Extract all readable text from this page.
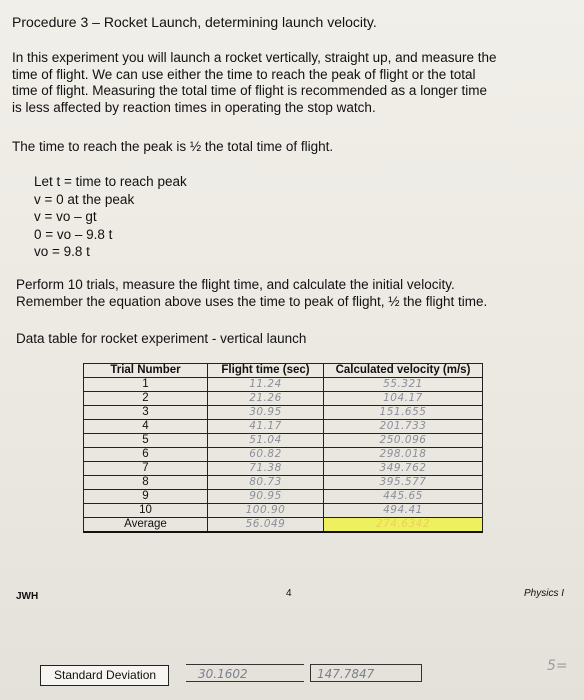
Procedure 3 – Rocket Launch, determining launch velocity.

In this experiment you will launch a rocket vertically, straight up, and measure the
time of flight. We can use either the time to reach the peak of flight or the total
time of flight. Measuring the total time of flight is recommended as a longer time
is less affected by reaction times in operating the stop watch.

The time to reach the peak is ½ the total time of flight.

Let t = time to reach peak
v = 0 at the peak
v = vo – gt
0 = vo – 9.8 t
vo = 9.8 t
Perform 10 trials, measure the flight time, and calculate the initial velocity.
Remember the equation above uses the time to peak of flight, ½ the flight time.

Data table for rocket experiment - vertical launch

Trial Number	Flight time (sec)	Calculated velocity (m/s)
1	11.24	55.321
2	21.26	104.17
3	30.95	151.655
4	41.17	201.733
5	51.04	250.096
6	60.82	298.018
7	71.38	349.762
8	80.73	395.577
9	90.95	445.65
10	100.90	494.41
Average	56.049	274.6342
JWH	4	Physics I
Standard Deviation	30.1602	147.7847	5=
